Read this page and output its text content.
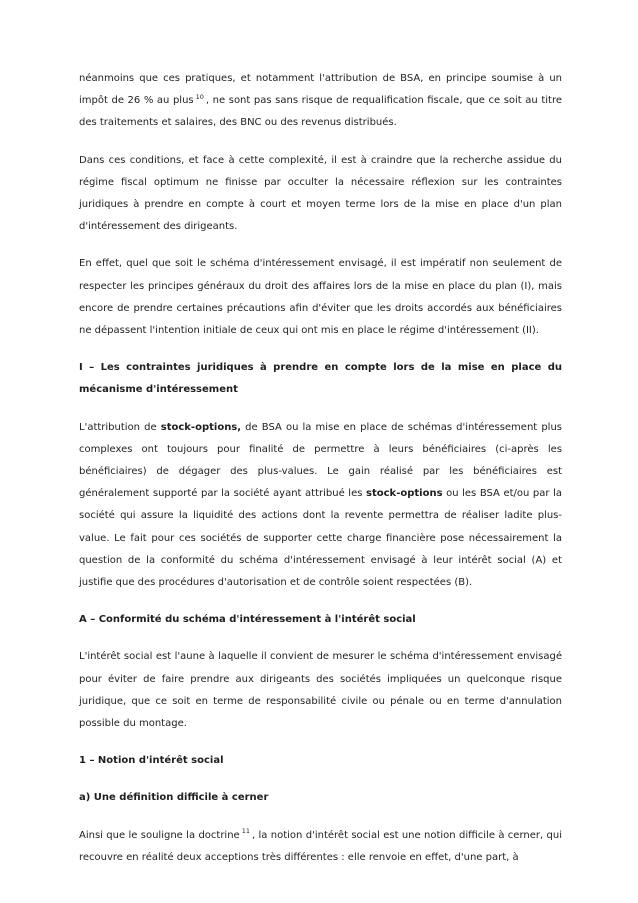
néanmoins que ces pratiques, et notamment l'attribution de BSA, en principe soumise à un impôt de 26 % au plus $^{10}$ , ne sont pas sans risque de requalification fiscale, que ce soit au titre des traitements et salaires, des BNC ou des revenus distribués.

Dans ces conditions, et face à cette complexité, il est à craindre que la recherche assidue du régime fiscal optimum ne finisse par occulter la nécessaire réflexion sur les contraintes juridiques à prendre en compte à court et moyen terme lors de la mise en place d'un plan d'intéressement des dirigeants.

En effet, quel que soit le schéma d'intéressement envisagé, il est impératif non seulement de respecter les principes généraux du droit des affaires lors de la mise en place du plan (I), mais encore de prendre certaines précautions afin d'éviter que les droits accordés aux bénéficiaires ne dépassent l'intention initiale de ceux qui ont mis en place le régime d'intéressement (II).

I – Les contraintes juridiques à prendre en compte lors de la mise en place du mécanisme d'intéressement

L'attribution de stock-options, de BSA ou la mise en place de schémas d'intéressement plus complexes ont toujours pour finalité de permettre à leurs bénéficiaires (ci-après les bénéficiaires) de dégager des plus-values. Le gain réalisé par les bénéficiaires est généralement supporté par la société ayant attribué les stock-options ou les BSA et/ou par la société qui assure la liquidité des actions dont la revente permettra de réaliser ladite plus-value. Le fait pour ces sociétés de supporter cette charge financière pose nécessairement la question de la conformité du schéma d'intéressement envisagé à leur intérêt social (A) et justifie que des procédures d'autorisation et de contrôle soient respectées (B).

A – Conformité du schéma d'intéressement à l'intérêt social

L'intérêt social est l'aune à laquelle il convient de mesurer le schéma d'intéressement envisagé pour éviter de faire prendre aux dirigeants des sociétés impliquées un quelconque risque juridique, que ce soit en terme de responsabilité civile ou pénale ou en terme d'annulation possible du montage.

1 – Notion d'intérêt social

a) Une définition difficile à cerner

Ainsi que le souligne la doctrine $^{11}$ , la notion d'intérêt social est une notion difficile à cerner, qui recouvre en réalité deux acceptions très différentes : elle renvoie en effet, d'une part, à
